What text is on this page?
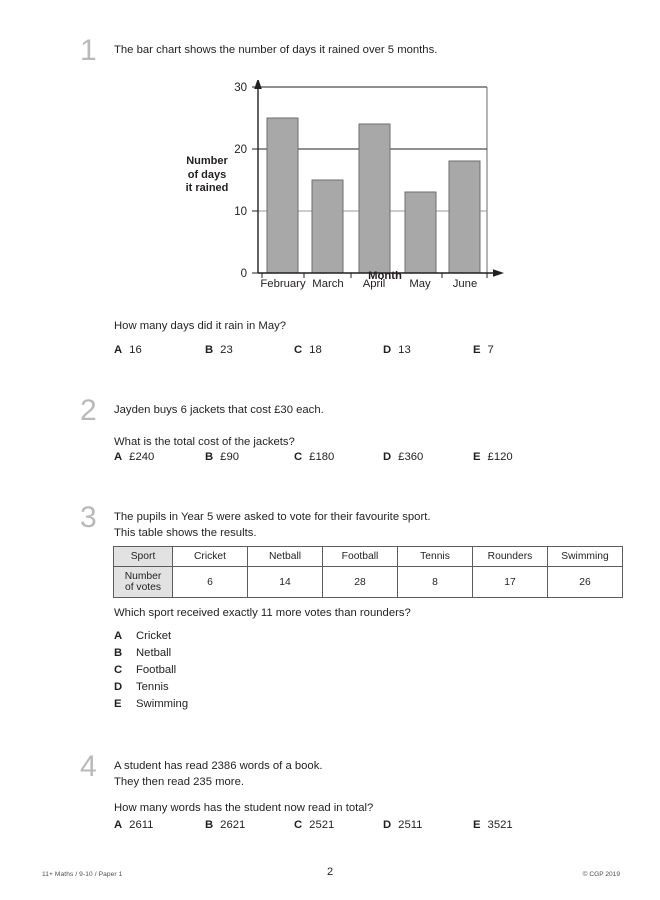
1 The bar chart shows the number of days it rained over 5 months.
Number
of days
it rained
0
10
20
30
February March April May June
Month
How many days did it rain in May?
A 16	B 23	C 18	D 13	E 7
2 Jayden buys 6 jackets that cost £30 each.
What is the total cost of the jackets?
A £240	B £90	C £180	D £360	E £120
3 The pupils in Year 5 were asked to vote for their favourite sport.
This table shows the results.
Sport	Cricket	Netball	Football	Tennis	Rounders	Swimming

Number
of votes	6	14	28	8	17	26
Which sport received exactly 11 more votes than rounders?
A	Cricket
B	Netball
C	Football
D	Tennis
E	Swimming
4 A student has read 2386 words of a book.
They then read 235 more.
How many words has the student now read in total?
A 2611	B 2621	C 2521	D 2511	E 3521
11+ Maths / 9-10 / Paper 1	2	© CGP 2019
